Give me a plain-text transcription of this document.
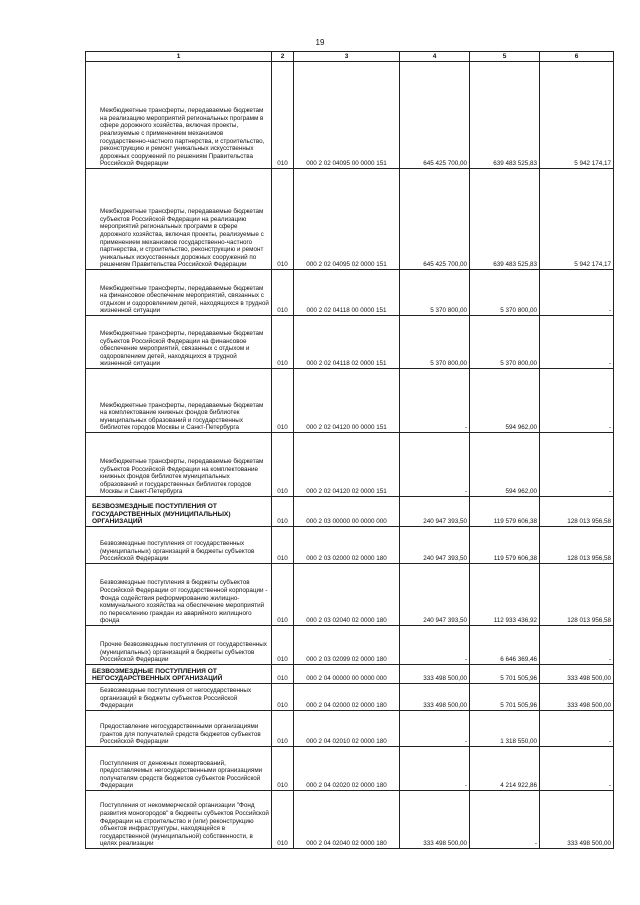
19
1	2	3	4	5	6

Межбюджетные трансферты, передаваемые бюджетам на реализацию мероприятий региональных программ в сфере дорожного хозяйства, включая проекты, реализуемые с применением механизмов государственно-частного партнерства, и строительство, реконструкцию и ремонт уникальных искусственных дорожных сооружений по решениям Правительства Российской Федерации	010	000 2 02 04095 00 0000 151	645 425 700,00	639 483 525,83	5 942 174,17

Межбюджетные трансферты, передаваемые бюджетам субъектов Российской Федерации на реализацию мероприятий региональных программ в сфере дорожного хозяйства, включая проекты, реализуемые с применением механизмов государственно-частного партнерства, и строительство, реконструкцию и ремонт уникальных искусственных дорожных сооружений по решениям Правительства Российской Федерации	010	000 2 02 04095 02 0000 151	645 425 700,00	639 483 525,83	5 942 174,17

Межбюджетные трансферты, передаваемые бюджетам на финансовое обеспечение мероприятий, связанных с отдыхом и оздоровлением детей, находящихся в трудной жизненной ситуации	010	000 2 02 04118 00 0000 151	5 370 800,00	5 370 800,00	-

Межбюджетные трансферты, передаваемые бюджетам субъектов Российской Федерации на финансовое обеспечение мероприятий, связанных с отдыхом и оздоровлением детей, находящихся в трудной жизненной ситуации	010	000 2 02 04118 02 0000 151	5 370 800,00	5 370 800,00	-

Межбюджетные трансферты, передаваемые бюджетам на комплектование книжных фондов библиотек муниципальных образований и государственных библиотек городов Москвы и Санкт-Петербурга	010	000 2 02 04120 00 0000 151	-	594 962,00	-

Межбюджетные трансферты, передаваемые бюджетам субъектов Российской Федерации на комплектование книжных фондов библиотек муниципальных образований и государственных библиотек городов Москвы и Санкт-Петербурга	010	000 2 02 04120 02 0000 151	-	594 962,00	-

БЕЗВОЗМЕЗДНЫЕ ПОСТУПЛЕНИЯ ОТ ГОСУДАРСТВЕННЫХ (МУНИЦИПАЛЬНЫХ) ОРГАНИЗАЦИЙ	010	000 2 03 00000 00 0000 000	240 947 393,50	119 579 606,38	128 013 956,58

Безвозмездные поступления от государственных (муниципальных) организаций в бюджеты субъектов Российской Федерации	010	000 2 03 02000 02 0000 180	240 947 393,50	119 579 606,38	128 013 956,58

Безвозмездные поступления в бюджеты субъектов Российской Федерации от государственной корпорации - Фонда содействия реформированию жилищно-коммунального хозяйства на обеспечение мероприятий по переселению граждан из аварийного жилищного фонда	010	000 2 03 02040 02 0000 180	240 947 393,50	112 933 436,92	128 013 956,58

Прочие безвозмездные поступления от государственных (муниципальных) организаций в бюджеты субъектов Российской Федерации	010	000 2 03 02099 02 0000 180	-	6 646 369,46	-

БЕЗВОЗМЕЗДНЫЕ ПОСТУПЛЕНИЯ ОТ НЕГОСУДАРСТВЕННЫХ ОРГАНИЗАЦИЙ	010	000 2 04 00000 00 0000 000	333 498 500,00	5 701 505,96	333 498 500,00

Безвозмездные поступления от негосударственных организаций в бюджеты субъектов Российской Федерации	010	000 2 04 02000 02 0000 180	333 498 500,00	5 701 505,96	333 498 500,00

Предоставление негосударственными организациями грантов для получателей средств бюджетов субъектов Российской Федерации	010	000 2 04 02010 02 0000 180	-	1 318 550,00	-

Поступления от денежных пожертвований, предоставляемых негосударственными организациями получателям средств бюджетов субъектов Российской Федерации	010	000 2 04 02020 02 0000 180	-	4 214 922,86	-

Поступления от некоммерческой организации "Фонд развития моногородов" в бюджеты субъектов Российской Федерации на строительство и (или) реконструкцию объектов инфраструктуры, находящейся в государственной (муниципальной) собственности, в целях реализации	010	000 2 04 02040 02 0000 180	333 498 500,00	-	333 498 500,00
